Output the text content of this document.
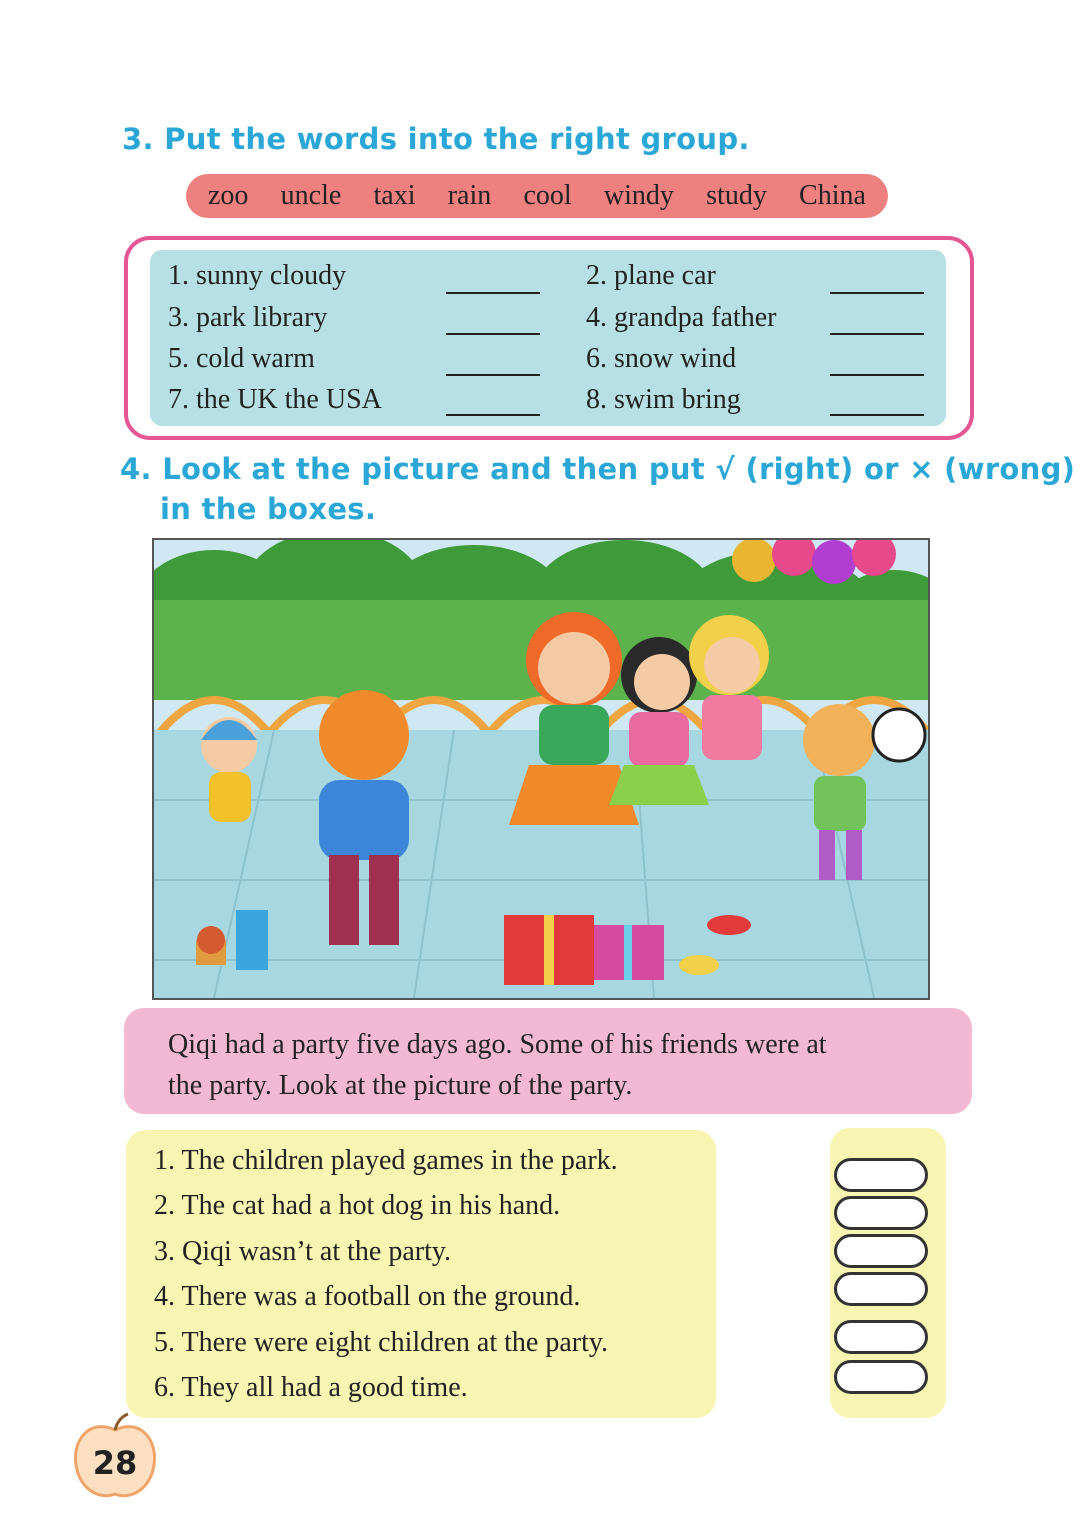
3. Put the words into the right group.
zoo uncle taxi rain cool windy study China
1. sunny cloudy	2. plane car
3. park library	4. grandpa father
5. cold warm	6. snow wind
7. the UK the USA	8. swim bring
4. Look at the picture and then put √ (right) or × (wrong)
in the boxes.
Qiqi had a party five days ago. Some of his friends were at
the party. Look at the picture of the party.
1. The children played games in the park.
2. The cat had a hot dog in his hand.
3. Qiqi wasn’t at the party.
4. There was a football on the ground.
5. There were eight children at the party.
6. They all had a good time.
28
